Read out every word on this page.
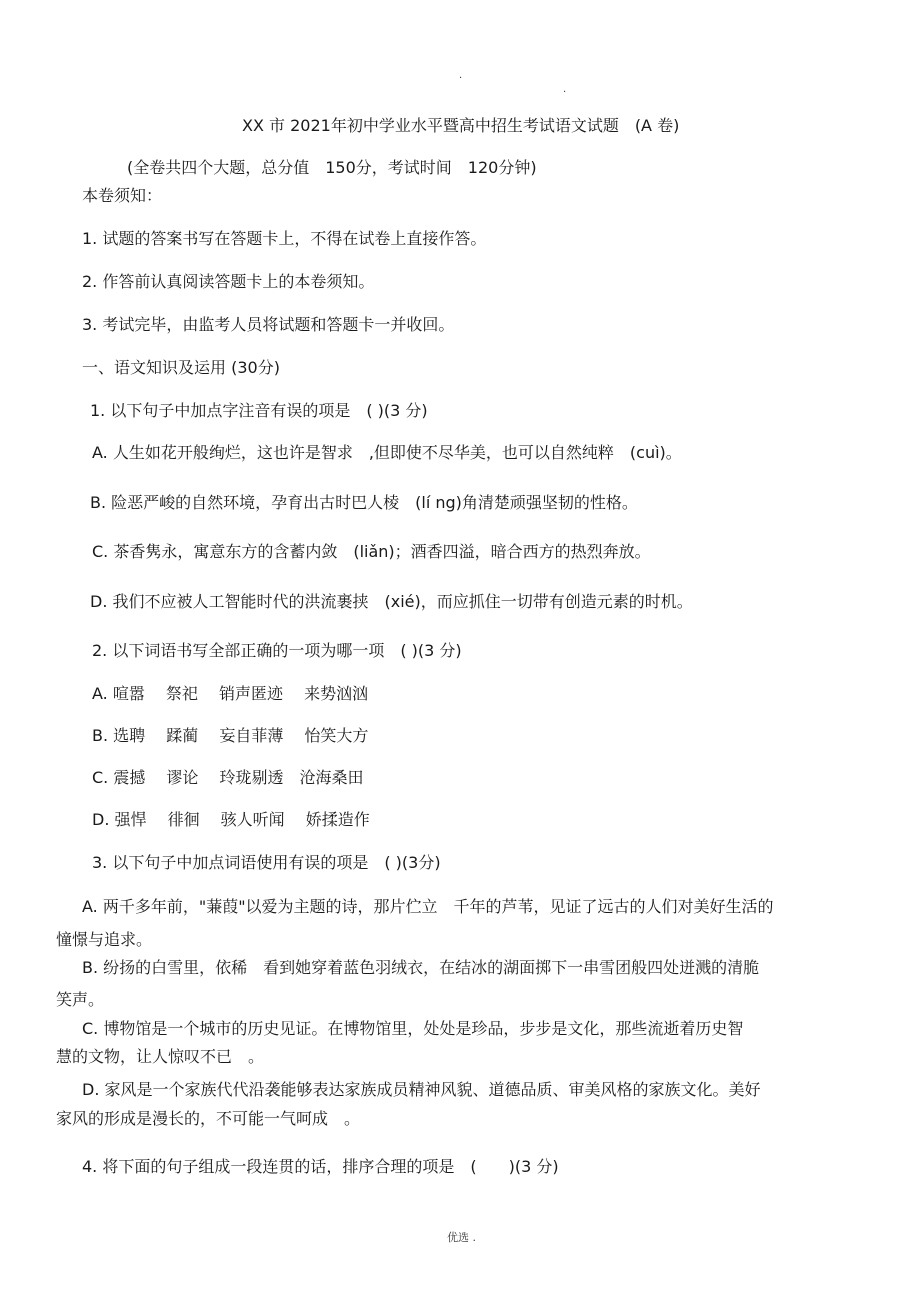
.
.
XX 市 2021年初中学业水平暨高中招生考试语文试题　(A 卷)
(全卷共四个大题，总分值　150分，考试时间　120分钟)
本卷须知：
1. 试题的答案书写在答题卡上，不得在试卷上直接作答。
2. 作答前认真阅读答题卡上的本卷须知。
3. 考试完毕，由监考人员将试题和答题卡一并收回。
一、语文知识及运用 (30分)
1. 以下句子中加点字注音有误的项是　( )(3 分)
A. 人生如花开般绚烂，这也许是智求　,但即使不尽华美，也可以自然纯粹　(cuì)。
B. 险恶严峻的自然环境，孕育出古时巴人棱　(lí ng)角清楚顽强坚韧的性格。
C. 茶香隽永，寓意东方的含蓄内敛　(liǎn)；酒香四溢，暗合西方的热烈奔放。
D. 我们不应被人工智能时代的洪流裹挟　(xié)，而应抓住一切带有创造元素的时机。
2. 以下词语书写全部正确的一项为哪一项　( )(3 分)
A. 喧嚣　 祭祀　 销声匿迹　 来势汹汹
B. 选聘　 蹂蔺　 妄自菲薄　 怡笑大方
C. 震撼　 谬论　 玲珑剔透　沧海桑田
D. 强悍　 徘徊　 骇人听闻　 娇揉造作
3. 以下句子中加点词语使用有误的项是　( )(3分)
A. 两千多年前，"蒹葭"以爱为主题的诗，那片伫立　千年的芦苇，见证了远古的人们对美好生活的
憧憬与追求。
B. 纷扬的白雪里，依稀　看到她穿着蓝色羽绒衣，在结冰的湖面掷下一串雪团般四处迸溅的清脆
笑声。
C. 博物馆是一个城市的历史见证。在博物馆里，处处是珍品，步步是文化，那些流逝着历史智
慧的文物，让人惊叹不已　。
D. 家风是一个家族代代沿袭能够表达家族成员精神风貌、道德品质、审美风格的家族文化。美好
家风的形成是漫长的，不可能一气呵成　。
4. 将下面的句子组成一段连贯的话，排序合理的项是　(　　)(3 分)
优选 .
